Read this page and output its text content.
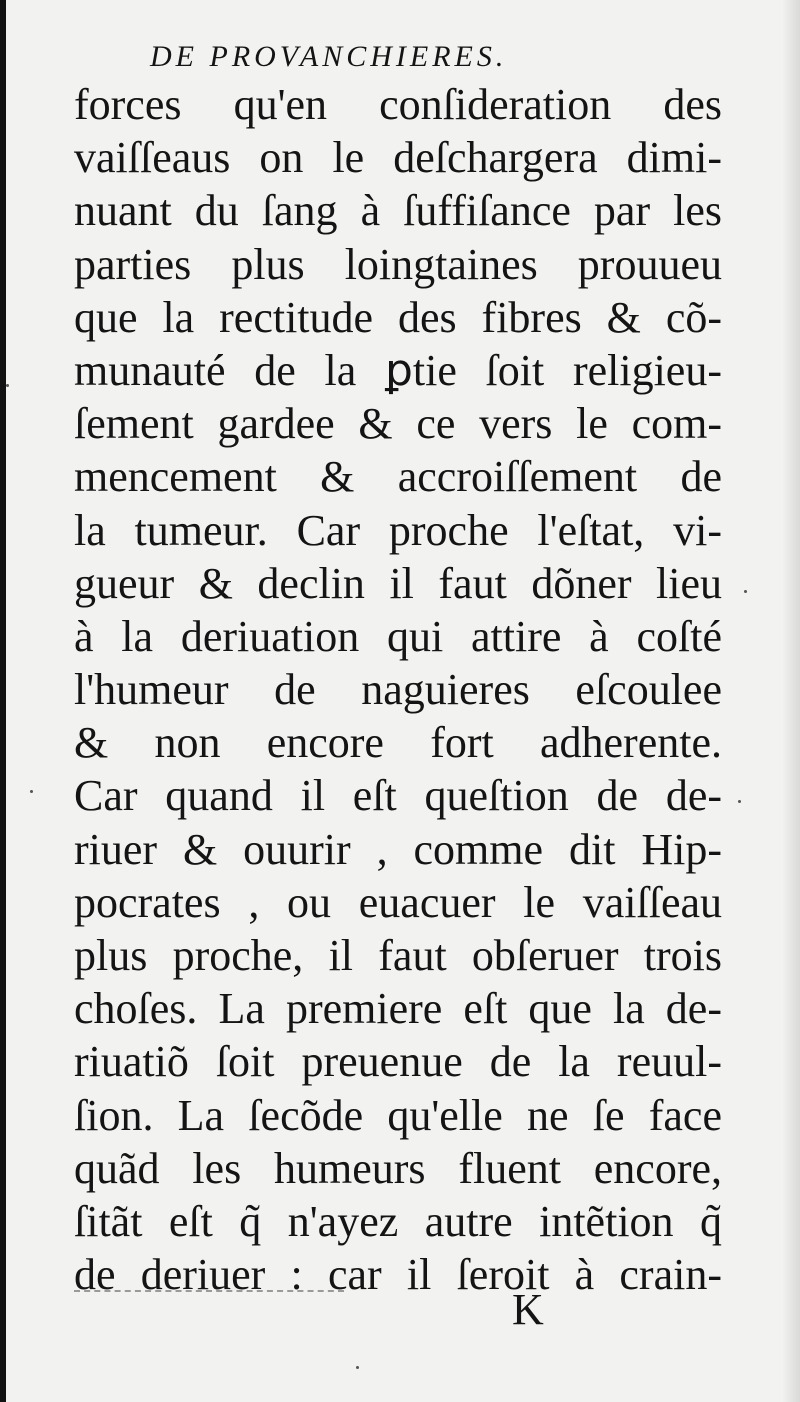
DE PROVANCHIERES.
forces qu'en conſideration des
vaiſſeaus on le deſchargera dimi-
nuant du ſang à ſuffiſance par les
parties plus loingtaines prouueu
que la rectitude des fibres & cõ-
munauté de la ꝑtie ſoit religieu-
ſement gardee & ce vers le com-
mencement & accroiſſement de
la tumeur. Car proche l'eſtat, vi-
gueur & declin il faut dõner lieu
à la deriuation qui attire à coſté
l'humeur de naguieres eſcoulee
& non encore fort adherente.
Car quand il eſt queſtion de de-
riuer & ouurir , comme dit Hip-
pocrates , ou euacuer le vaiſſeau
plus proche, il faut obſeruer trois
choſes. La premiere eſt que la de-
riuatiõ ſoit preuenue de la reuul-
ſion. La ſecõde qu'elle ne ſe face
quãd les humeurs fluent encore,
ſitãt eſt q̃ n'ayez autre intẽtion q̃
de deriuer : car il ſeroit à crain-
K
